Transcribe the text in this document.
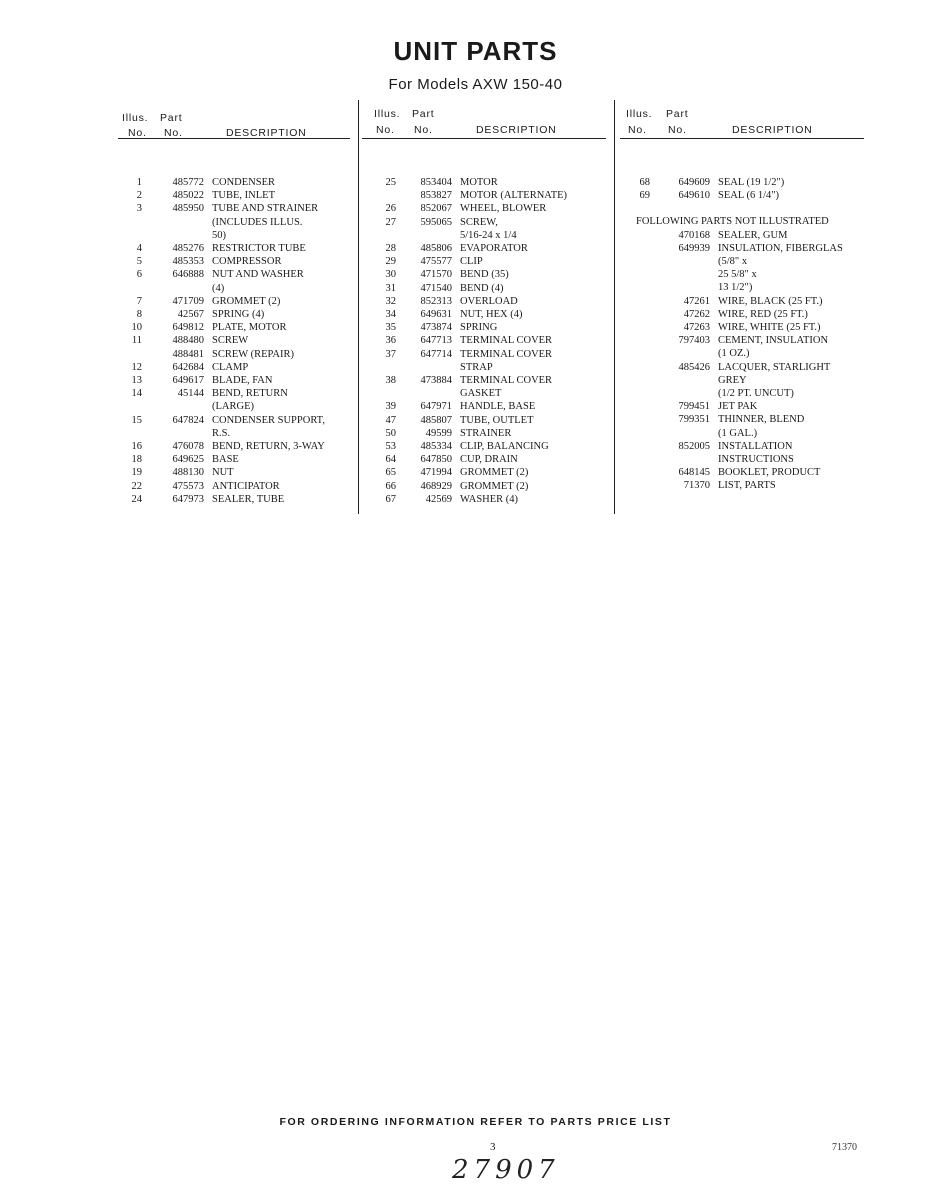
UNIT PARTS
For Models AXW 150-40
Illus. Part
No. No.	DESCRIPTION
1	485772 CONDENSER
2	485022 TUBE, INLET
3	485950 TUBE AND STRAINER
(INCLUDES ILLUS.
50)
4	485276 RESTRICTOR TUBE
5	485353 COMPRESSOR
6	646888 NUT AND WASHER
(4)
7	471709 GROMMET (2)
8	42567 SPRING (4)
10	649812 PLATE, MOTOR
11	488480 SCREW
488481 SCREW (REPAIR)
12	642684 CLAMP
13	649617 BLADE, FAN
14	45144 BEND, RETURN
(LARGE)
15	647824 CONDENSER SUPPORT,
R.S.
16	476078 BEND, RETURN, 3-WAY
18	649625 BASE
19	488130 NUT
22	475573 ANTICIPATOR
24	647973 SEALER, TUBE
Illus. Part
No. No.	DESCRIPTION
25	853404 MOTOR
853827 MOTOR (ALTERNATE)
26	852067 WHEEL, BLOWER
27	595065 SCREW,
5/16-24 x 1/4
28	485806 EVAPORATOR
29	475577 CLIP
30	471570 BEND (35)
31	471540 BEND (4)
32	852313 OVERLOAD
34	649631 NUT, HEX (4)
35	473874 SPRING
36	647713 TERMINAL COVER
37	647714 TERMINAL COVER
STRAP
38	473884 TERMINAL COVER
GASKET
39	647971 HANDLE, BASE
47	485807 TUBE, OUTLET
50	49599 STRAINER
53	485334 CLIP, BALANCING
64	647850 CUP, DRAIN
65	471994 GROMMET (2)
66	468929 GROMMET (2)
67	42569 WASHER (4)
Illus. Part
No. No.	DESCRIPTION
68	649609 SEAL (19 1/2")
69	649610 SEAL (6 1/4")
FOLLOWING PARTS NOT ILLUSTRATED
470168 SEALER, GUM
649939 INSULATION, FIBERGLAS
(5/8" x
25 5/8" x
13 1/2")
47261 WIRE, BLACK (25 FT.)
47262 WIRE, RED (25 FT.)
47263 WIRE, WHITE (25 FT.)
797403 CEMENT, INSULATION
(1 OZ.)
485426 LACQUER, STARLIGHT
GREY
(1/2 PT. UNCUT)
799451 JET PAK
799351 THINNER, BLEND
(1 GAL.)
852005 INSTALLATION
INSTRUCTIONS
648145 BOOKLET, PRODUCT
71370 LIST, PARTS
FOR ORDERING INFORMATION REFER TO PARTS PRICE LIST
3	71370
27907
